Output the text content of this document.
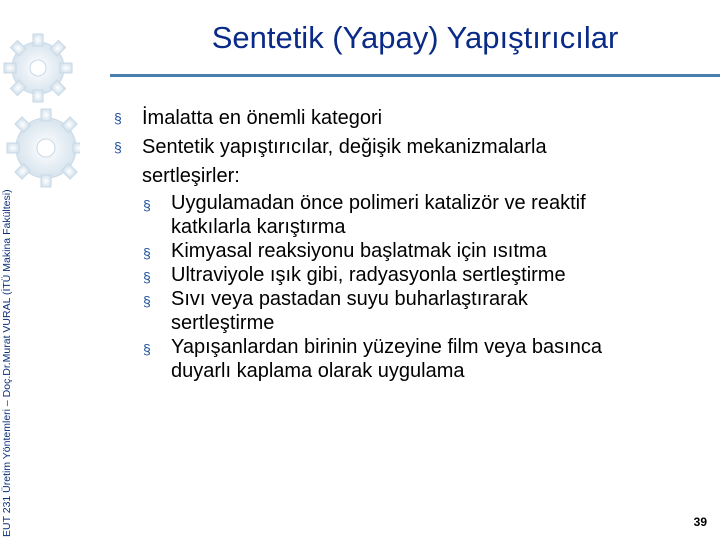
EUT 231 Üretim Yöntemleri – Doç.Dr.Murat VURAL (İTÜ Makina Fakültesi)
Sentetik (Yapay) Yapıştırıcılar
§ İmalatta en önemli kategori
§ Sentetik yapıştırıcılar, değişik mekanizmalarla
sertleşirler:
§ Uygulamadan önce polimeri katalizör ve reaktif
katkılarla karıştırma
§ Kimyasal reaksiyonu başlatmak için ısıtma
§ Ultraviyole ışık gibi, radyasyonla sertleştirme
§ Sıvı veya pastadan suyu buharlaştırarak
sertleştirme
§ Yapışanlardan birinin yüzeyine film veya basınca
duyarlı kaplama olarak uygulama
39
